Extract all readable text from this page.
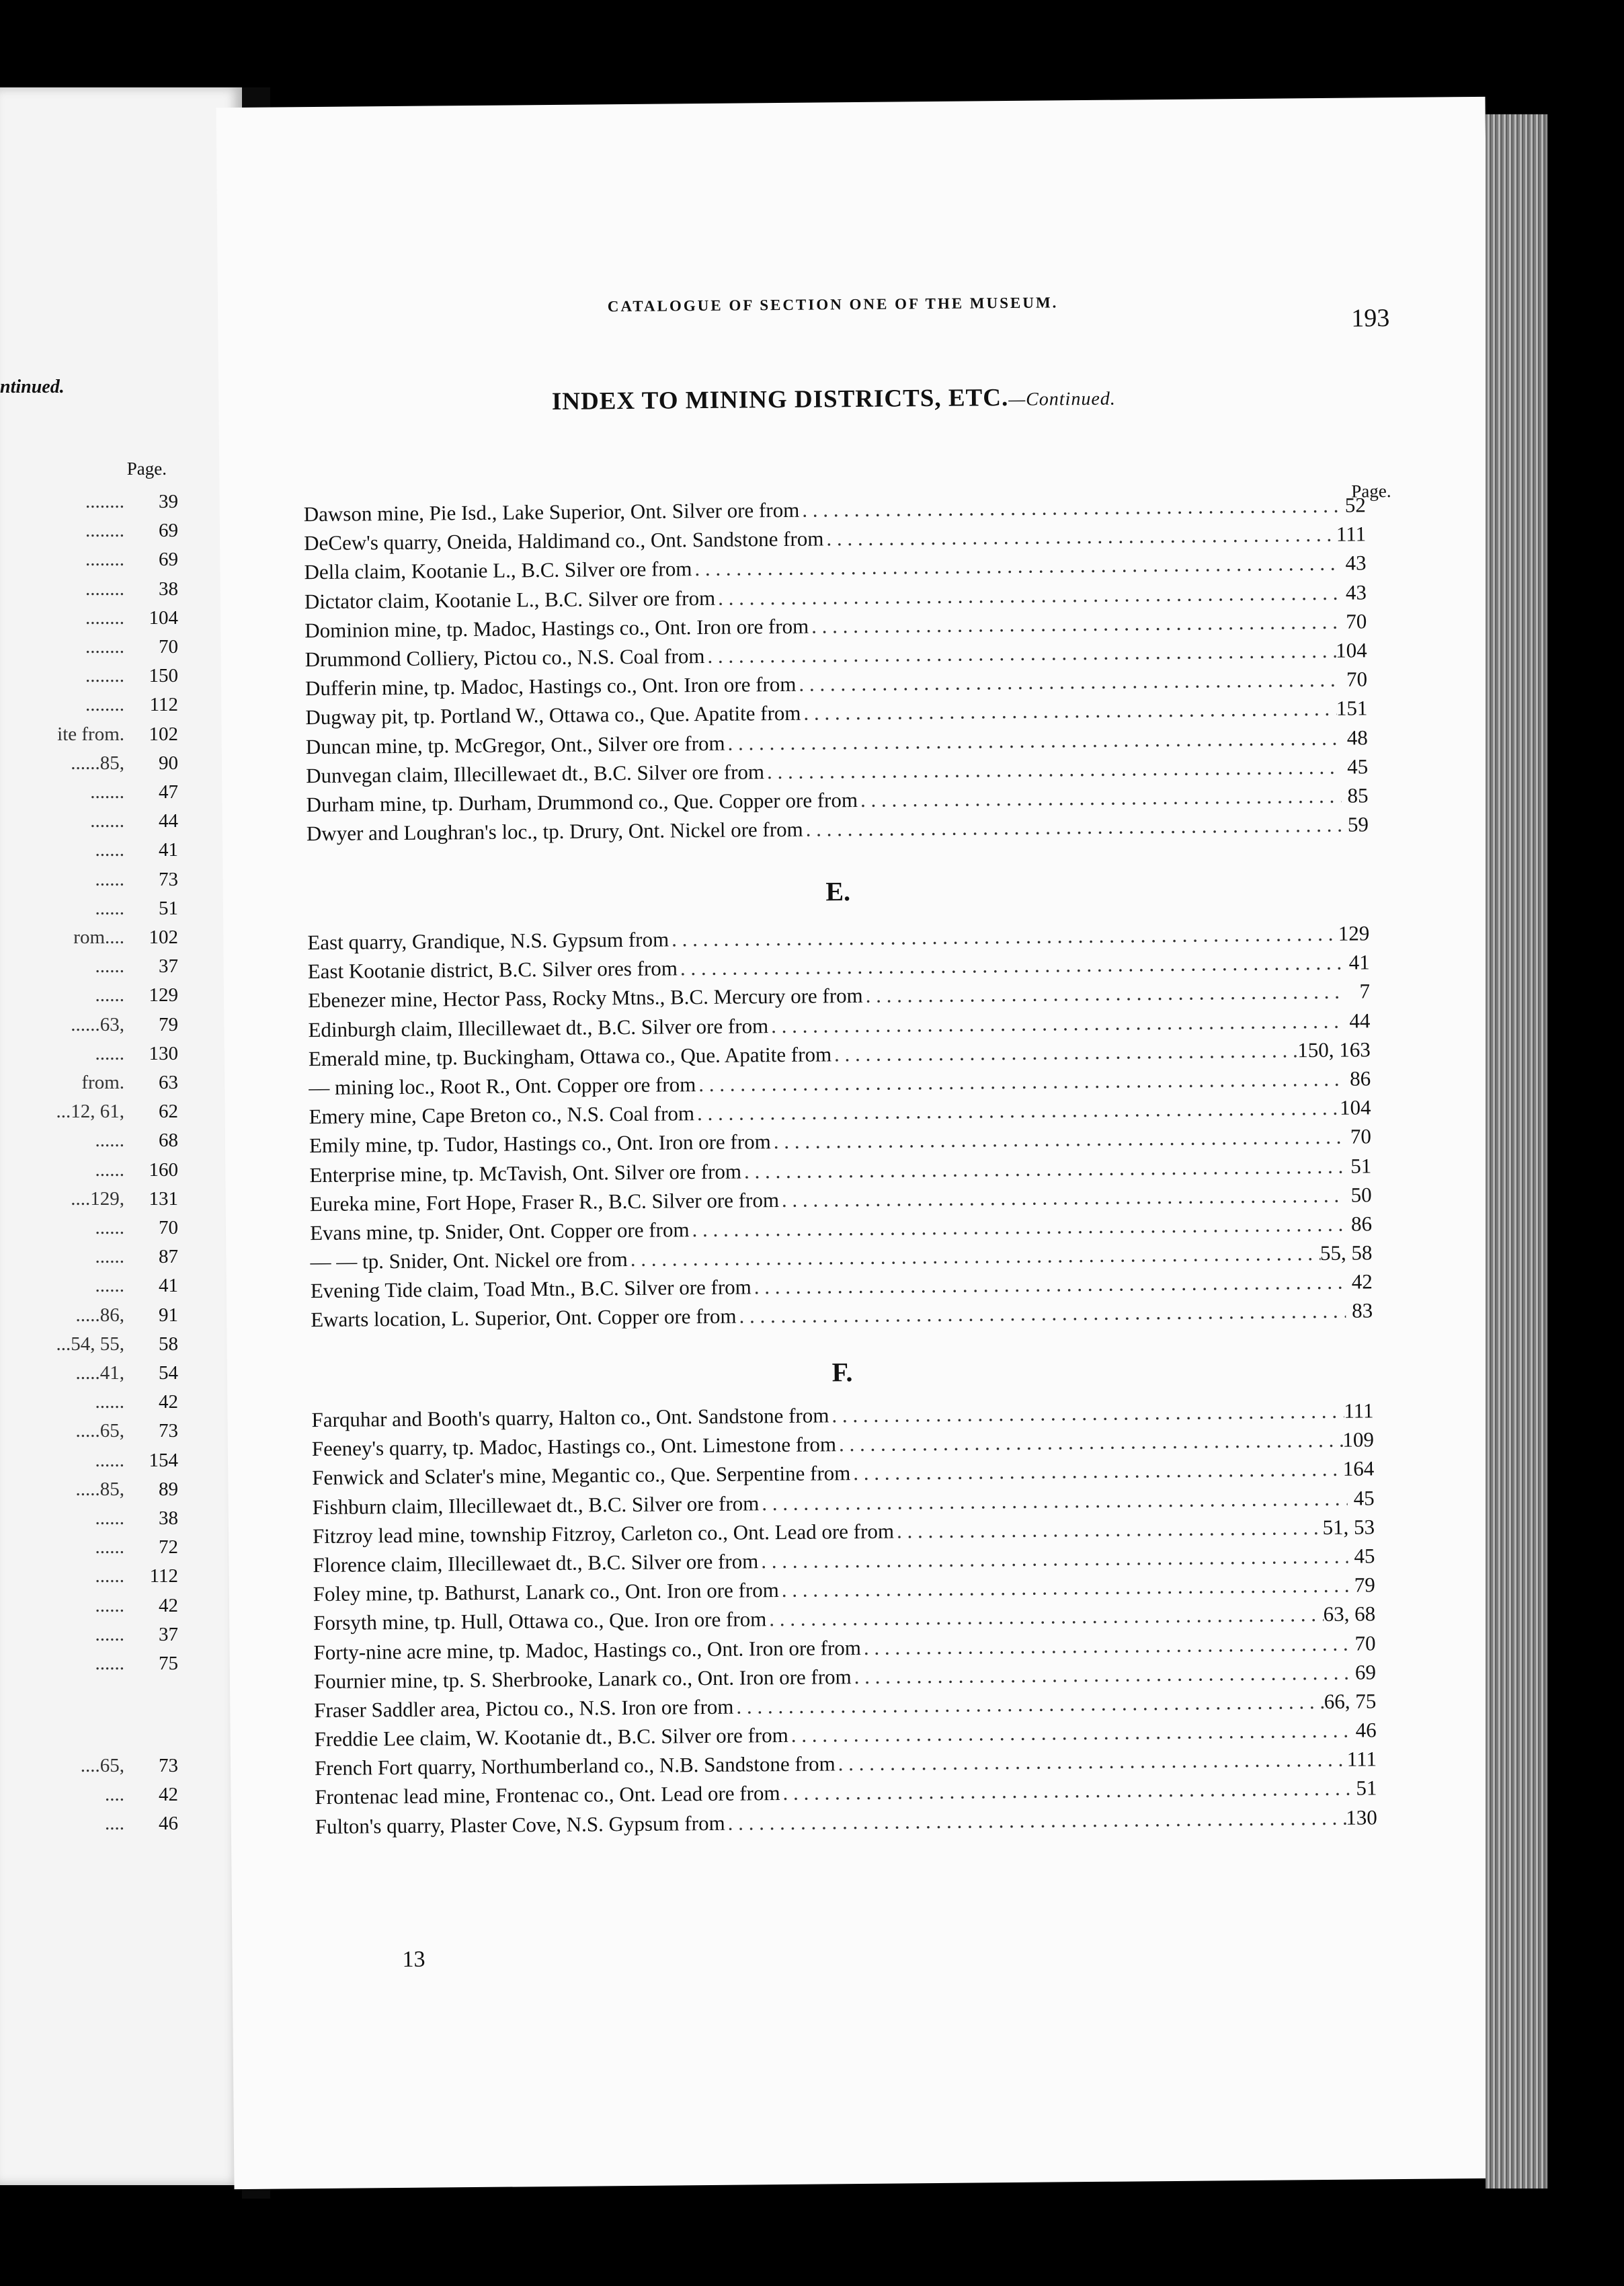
ntinued.
Page.
........	39
........	69
........	69
........	38
........	104
........	70
........	150
........	112
ite from.	102
......85,	90
.......	47
.......	44
......	41
......	73
......	51
rom....	102
......	37
......	129
......63,	79
......	130
from.	63
...12, 61,	62
......	68
......	160
....129,	131
......	70
......	87
......	41
.....86,	91
...54, 55,	58
.....41,	54
......	42
.....65,	73
......	154
.....85,	89
......	38
......	72
......	112
......	42
......	37
......	75
....65,	73
....	42
....	46
CATALOGUE OF SECTION ONE OF THE MUSEUM.	193
INDEX TO MINING DISTRICTS, ETC.—Continued.
Page.
Dawson mine, Pie Isd., Lake Superior, Ont. Silver ore from . . .	52
DeCew's quarry, Oneida, Haldimand co., Ont. Sandstone from . . .	111
Della claim, Kootanie L., B.C. Silver ore from . . .	43
Dictator claim, Kootanie L., B.C. Silver ore from . . .	43
Dominion mine, tp. Madoc, Hastings co., Ont. Iron ore from . . .	70
Drummond Colliery, Pictou co., N.S. Coal from . . .	104
Dufferin mine, tp. Madoc, Hastings co., Ont. Iron ore from . . .	70
Dugway pit, tp. Portland W., Ottawa co., Que. Apatite from . . .	151
Duncan mine, tp. McGregor, Ont., Silver ore from . . .	48
Dunvegan claim, Illecillewaet dt., B.C. Silver ore from . . .	45
Durham mine, tp. Durham, Drummond co., Que. Copper ore from . . .	85
Dwyer and Loughran's loc., tp. Drury, Ont. Nickel ore from . . .	59
E.
East quarry, Grandique, N.S. Gypsum from . . .	129
East Kootanie district, B.C. Silver ores from . . .	41
Ebenezer mine, Hector Pass, Rocky Mtns., B.C. Mercury ore from . . .	7
Edinburgh claim, Illecillewaet dt., B.C. Silver ore from . . .	44
Emerald mine, tp. Buckingham, Ottawa co., Que. Apatite from . . .	150, 163
— mining loc., Root R., Ont. Copper ore from . . .	86
Emery mine, Cape Breton co., N.S. Coal from . . .	104
Emily mine, tp. Tudor, Hastings co., Ont. Iron ore from . . .	70
Enterprise mine, tp. McTavish, Ont. Silver ore from . . .	51
Eureka mine, Fort Hope, Fraser R., B.C. Silver ore from . . .	50
Evans mine, tp. Snider, Ont. Copper ore from . . .	86
— — tp. Snider, Ont. Nickel ore from . . .	55, 58
Evening Tide claim, Toad Mtn., B.C. Silver ore from . . .	42
Ewarts location, L. Superior, Ont. Copper ore from . . .	83
F.
Farquhar and Booth's quarry, Halton co., Ont. Sandstone from . . .	111
Feeney's quarry, tp. Madoc, Hastings co., Ont. Limestone from . . .	109
Fenwick and Sclater's mine, Megantic co., Que. Serpentine from . . .	164
Fishburn claim, Illecillewaet dt., B.C. Silver ore from . . .	45
Fitzroy lead mine, township Fitzroy, Carleton co., Ont. Lead ore from . . .	51, 53
Florence claim, Illecillewaet dt., B.C. Silver ore from . . .	45
Foley mine, tp. Bathurst, Lanark co., Ont. Iron ore from . . .	79
Forsyth mine, tp. Hull, Ottawa co., Que. Iron ore from . . .	63, 68
Forty-nine acre mine, tp. Madoc, Hastings co., Ont. Iron ore from . . .	70
Fournier mine, tp. S. Sherbrooke, Lanark co., Ont. Iron ore from . . .	69
Fraser Saddler area, Pictou co., N.S. Iron ore from . . .	66, 75
Freddie Lee claim, W. Kootanie dt., B.C. Silver ore from . . .	46
French Fort quarry, Northumberland co., N.B. Sandstone from . . .	111
Frontenac lead mine, Frontenac co., Ont. Lead ore from . . .	51
Fulton's quarry, Plaster Cove, N.S. Gypsum from . . .	130
13
